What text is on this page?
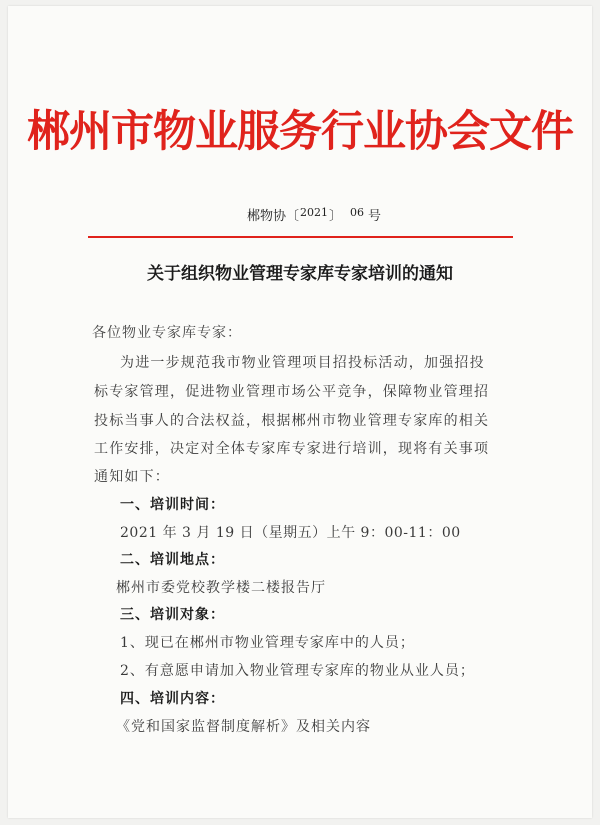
郴州市物业服务行业协会文件
郴物协〔$^{2021}$〕 $^{06}$ 号
关于组织物业管理专家库专家培训的通知
各位物业专家库专家：
为进一步规范我市物业管理项目招投标活动，加强招投
标专家管理，促进物业管理市场公平竞争，保障物业管理招
投标当事人的合法权益，根据郴州市物业管理专家库的相关
工作安排，决定对全体专家库专家进行培训，现将有关事项
通知如下：
一、培训时间：
2021 年 3 月 19 日（星期五）上午 9：00-11：00
二、培训地点：
郴州市委党校教学楼二楼报告厅
三、培训对象：
1、现已在郴州市物业管理专家库中的人员；
2、有意愿申请加入物业管理专家库的物业从业人员；
四、培训内容：
《党和国家监督制度解析》及相关内容
